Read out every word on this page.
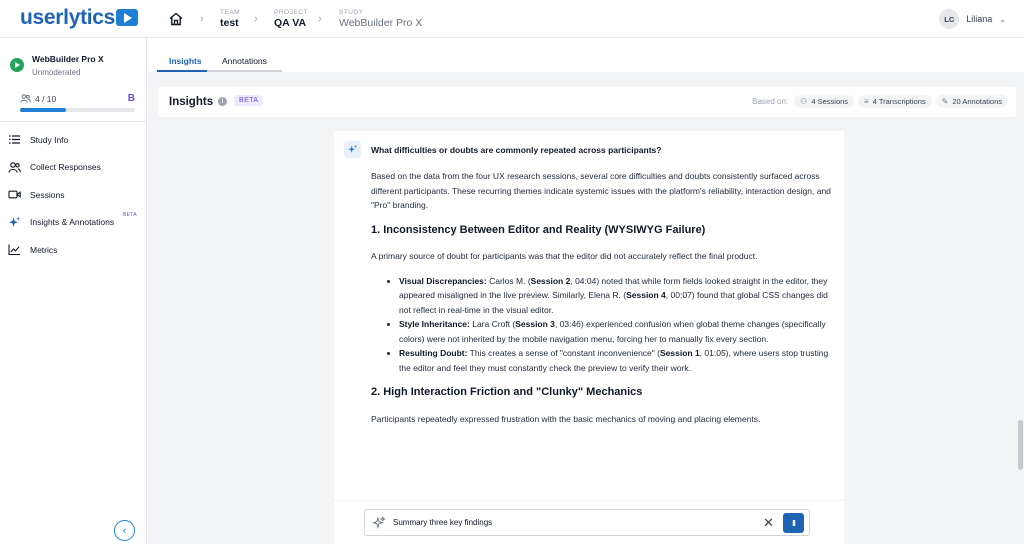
userlytics	›
TEAM
test ›
PROJECT
QA VA ›
STUDY
WebBuilder Pro X	LC	Liliana ⌄
WebBuilder Pro X
Unmoderated
4 / 10	B
Study Info
Collect Responses
Sessions
Insights & Annotations
BETA
Metrics
‹
Insights Annotations
Insights	i	BETA	Based on: ⚇ 4 Sessions ≡ 4 Transcriptions ✎ 20 Annotations
What difficulties or doubts are commonly repeated across participants?

Based on the data from the four UX research sessions, several core difficulties and doubts consistently surfaced across different participants. These recurring themes indicate systemic issues with the platform's reliability, interaction design, and "Pro" branding.

1. Inconsistency Between Editor and Reality (WYSIWYG Failure)

A primary source of doubt for participants was that the editor did not accurately reflect the final product.

• Visual Discrepancies: Carlos M. (Session 2, 04:04) noted that while form fields looked straight in the editor, they appeared misaligned in the live preview. Similarly, Elena R. (Session 4, 00:07) found that global CSS changes did not reflect in real-time in the visual editor.
• Style Inheritance: Lara Croft (Session 3, 03:46) experienced confusion when global theme changes (specifically colors) were not inherited by the mobile navigation menu, forcing her to manually fix every section.
• Resulting Doubt: This creates a sense of "constant inconvenience" (Session 1, 01:05), where users stop trusting the editor and feel they must constantly check the preview to verify their work.
2. High Interaction Friction and "Clunky" Mechanics

Participants repeatedly expressed frustration with the basic mechanics of moving and placing elements.

Summary three key findings	✕	II
